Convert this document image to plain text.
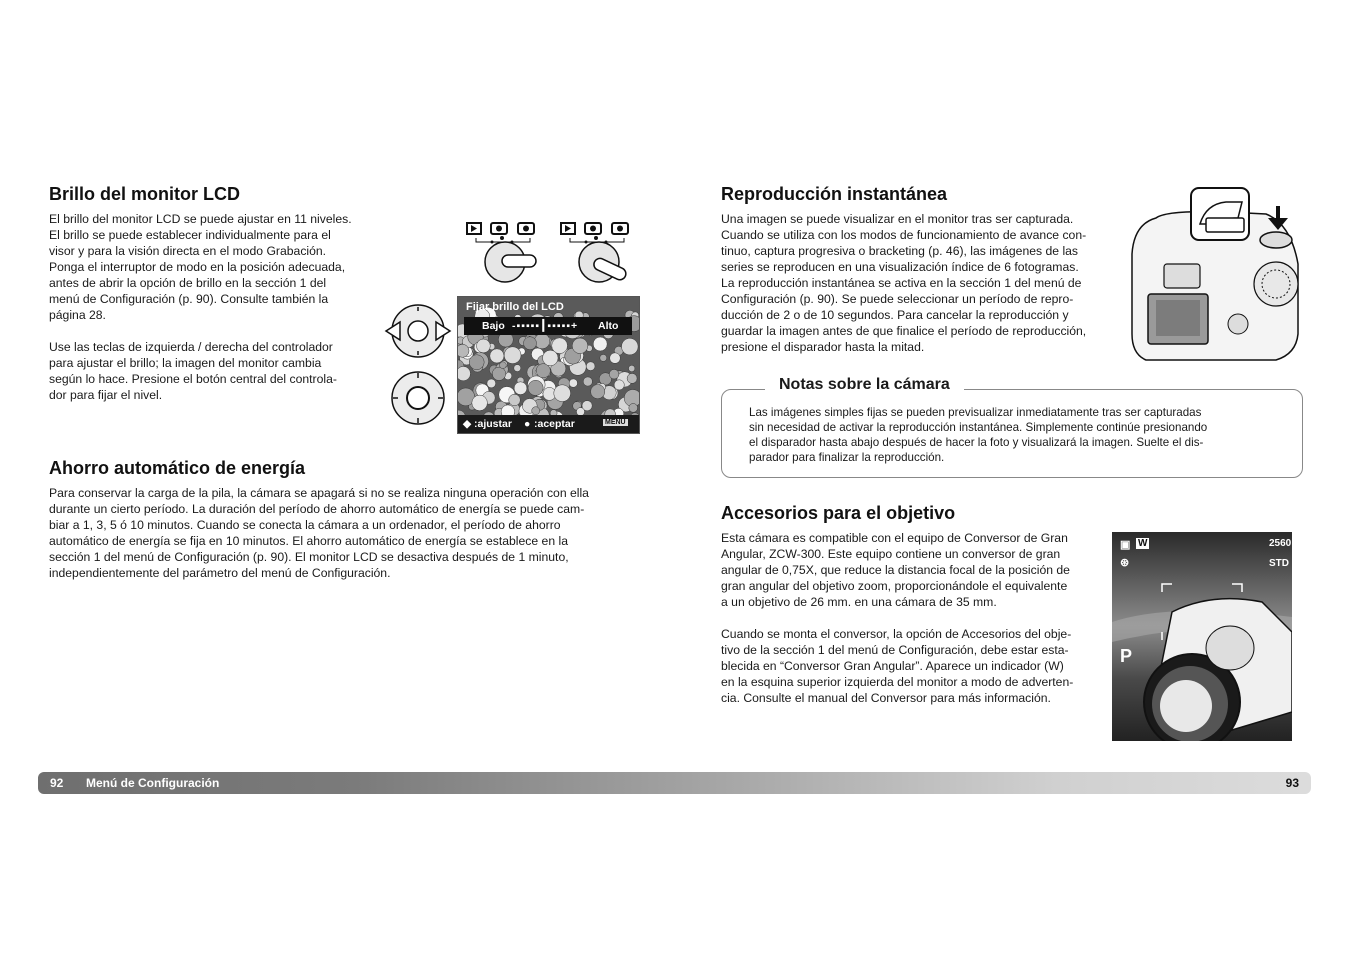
Brillo del monitor LCD
El brillo del monitor LCD se puede ajustar en 11 niveles.
El brillo se puede establecer individualmente para el
visor y para la visión directa en el modo Grabación.
Ponga el interruptor de modo en la posición adecuada,
antes de abrir la opción de brillo en la sección 1 del
menú de Configuración (p. 90). Consulte también la
página 28.
Use las teclas de izquierda / derecha del controlador
para ajustar el brillo; la imagen del monitor cambia
según lo hace. Presione el botón central del controla-
dor para fijar el nivel.
Fijar brillo del LCD
Bajo -▪▪▪▪▪┃▪▪▪▪▪+ Alto
◆ :ajustar ● :aceptar	MENU
Ahorro automático de energía
Para conservar la carga de la pila, la cámara se apagará si no se realiza ninguna operación con ella
durante un cierto período. La duración del período de ahorro automático de energía se puede cam-
biar a 1, 3, 5 ó 10 minutos. Cuando se conecta la cámara a un ordenador, el período de ahorro
automático de energía se fija en 10 minutos. El ahorro automático de energía se establece en la
sección 1 del menú de Configuración (p. 90). El monitor LCD se desactiva después de 1 minuto,
independientemente del parámetro del menú de Configuración.
Reproducción instantánea
Una imagen se puede visualizar en el monitor tras ser capturada.
Cuando se utiliza con los modos de funcionamiento de avance con-
tinuo, captura progresiva o bracketing (p. 46), las imágenes de las
series se reproducen en una visualización índice de 6 fotogramas.
La reproducción instantánea se activa en la sección 1 del menú de
Configuración (p. 90). Se puede seleccionar un período de repro-
ducción de 2 o de 10 segundos. Para cancelar la reproducción y
guardar la imagen antes de que finalice el período de reproducción,
presione el disparador hasta la mitad.
Notas sobre la cámara
Las imágenes simples fijas se pueden previsualizar inmediatamente tras ser capturadas
sin necesidad de activar la reproducción instantánea. Simplemente continúe presionando
el disparador hasta abajo después de hacer la foto y visualizará la imagen. Suelte el dis-
parador para finalizar la reproducción.
Accesorios para el objetivo
Esta cámara es compatible con el equipo de Conversor de Gran
Angular, ZCW-300. Este equipo contiene un conversor de gran
angular de 0,75X, que reduce la distancia focal de la posición de
gran angular del objetivo zoom, proporcionándole el equivalente
a un objetivo de 26 mm. en una cámara de 35 mm.
Cuando se monta el conversor, la opción de Accesorios del obje-
tivo de la sección 1 del menú de Configuración, debe estar esta-
blecida en “Conversor Gran Angular”. Aparece un indicador (W)
en la esquina superior izquierda del monitor a modo de adverten-
cia. Consulte el manual del Conversor para más información.
▣ W
⊛
2560
STD
P
92 Menú de Configuración	93
